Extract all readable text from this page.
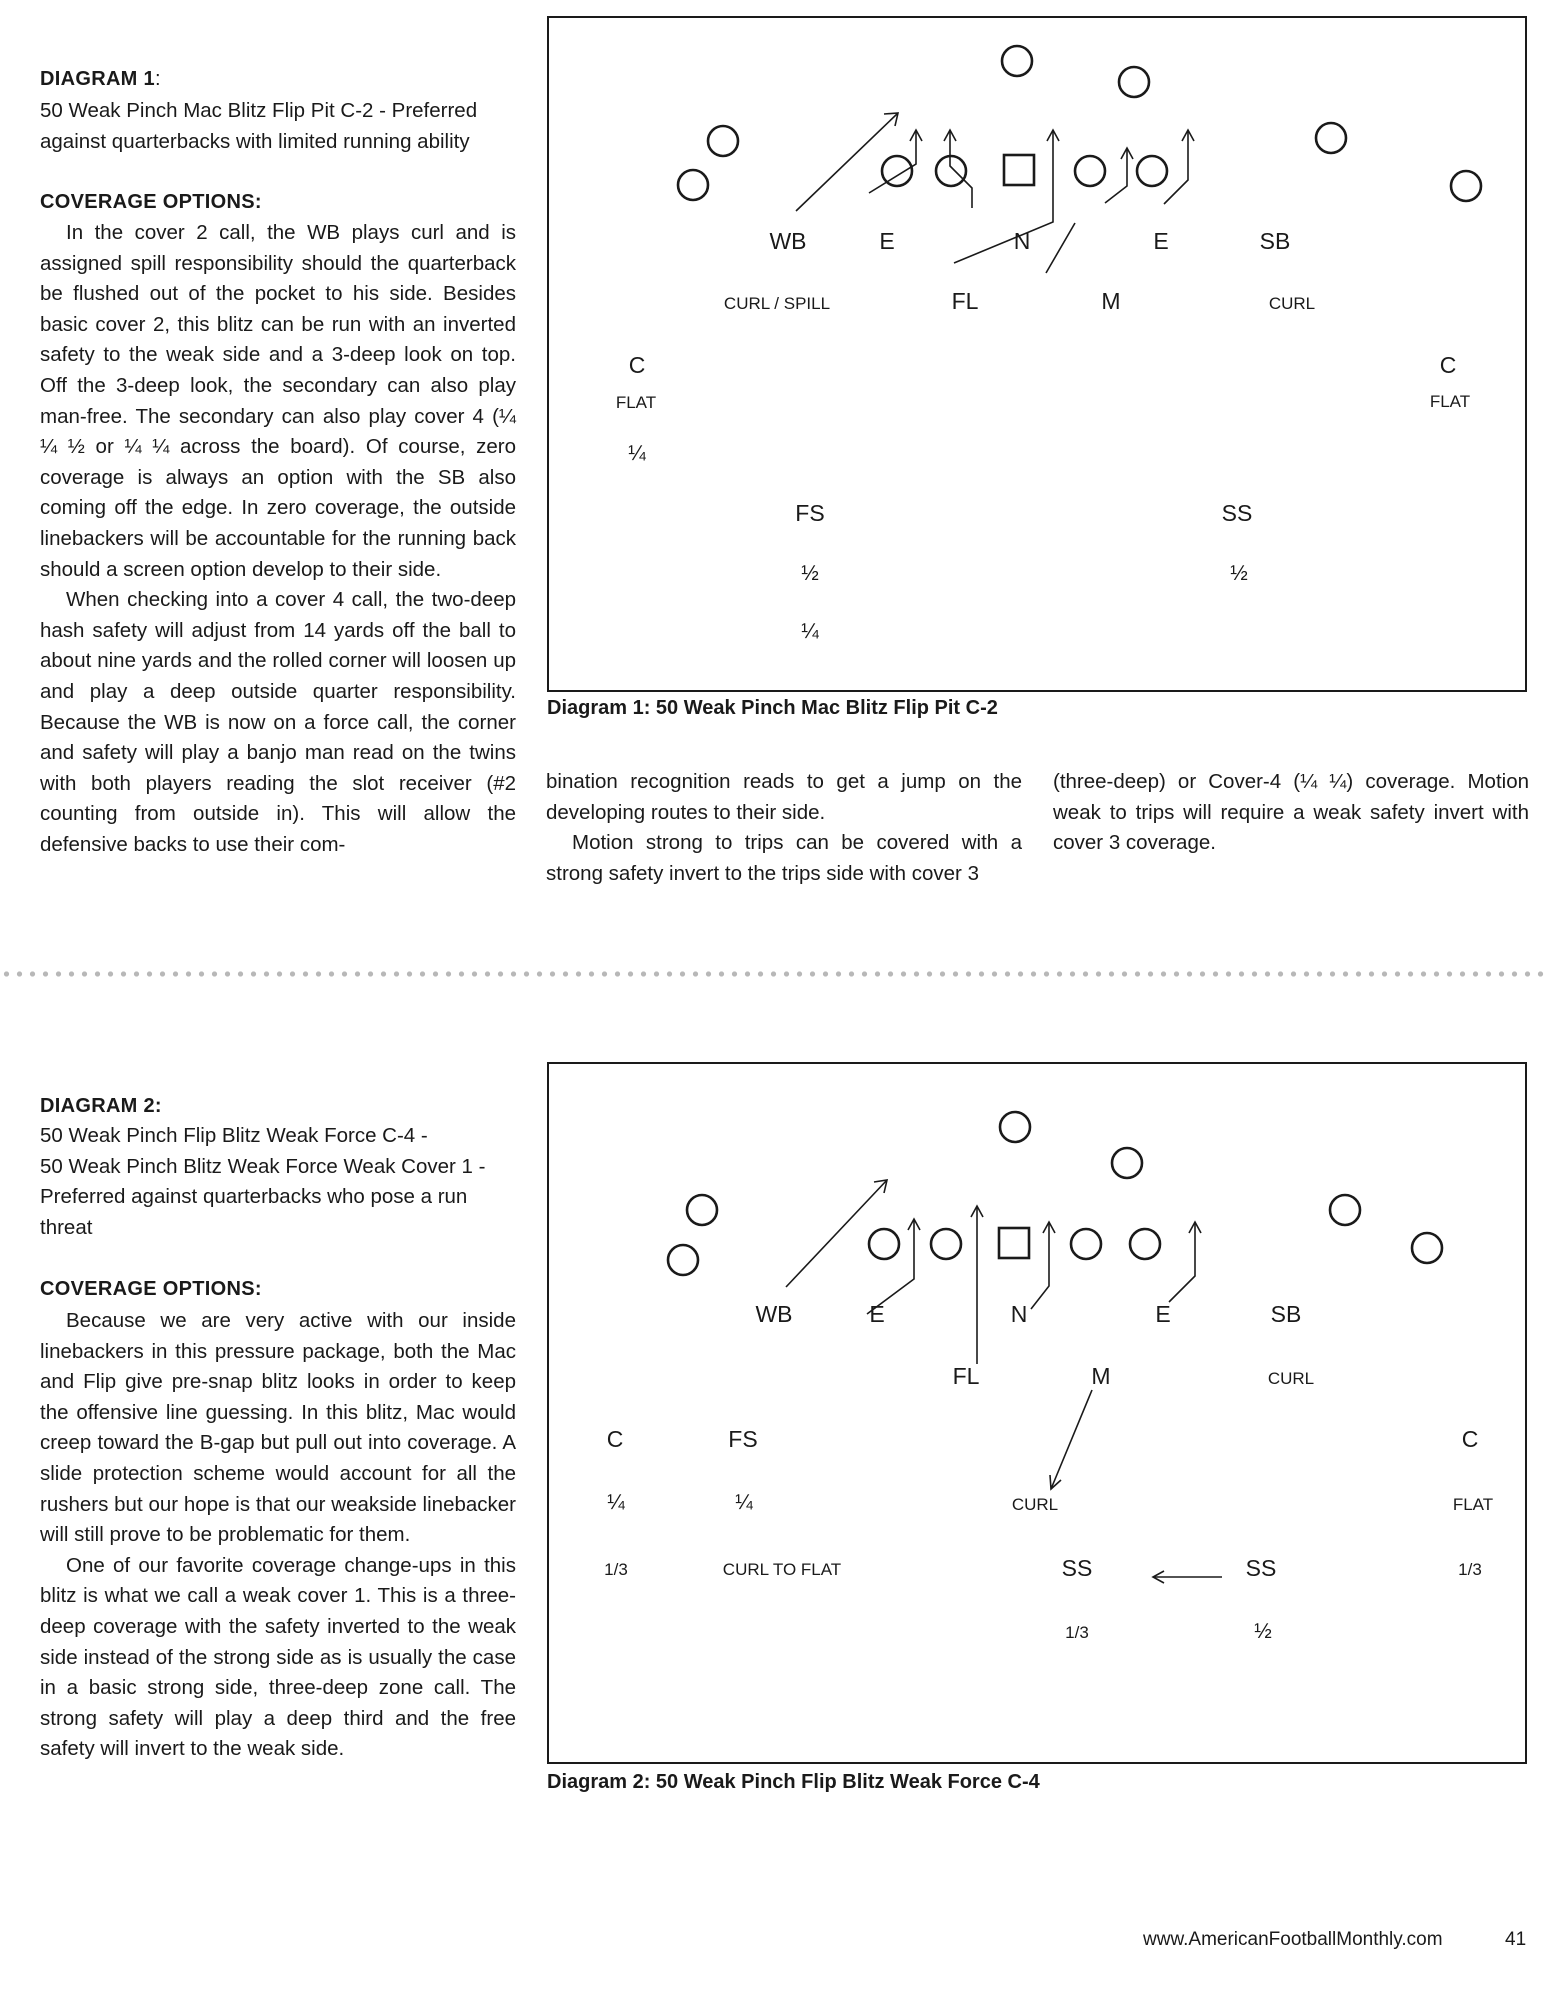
DIAGRAM 1:
50 Weak Pinch Mac Blitz Flip Pit C-2 - Preferred
against quarterbacks with limited running ability
COVERAGE OPTIONS:

In the cover 2 call, the WB plays curl and is assigned spill responsibility should the quarterback be flushed out of the pocket to his side. Besides basic cover 2, this blitz can be run with an inverted safety to the weak side and a 3-deep look on top. Off the 3-deep look, the secondary can also play man-free. The secondary can also play cover 4 (¼ ¼ ½ or ¼ ¼ across the board). Of course, zero coverage is always an option with the SB also coming off the edge. In zero coverage, the outside linebackers will be accountable for the running back should a screen option develop to their side.

When checking into a cover 4 call, the two-deep hash safety will adjust from 14 yards off the ball to about nine yards and the rolled corner will loosen up and play a deep outside quarter responsibility. Because the WB is now on a force call, the corner and safety will play a banjo man read on the twins with both players reading the slot receiver (#2 counting from outside in). This will allow the defensive backs to use their com-

bination recognition reads to get a jump on the developing routes to their side.

Motion strong to trips can be covered with a strong safety invert to the trips side with cover 3

(three-deep) or Cover-4 (¼ ¼) coverage. Motion weak to trips will require a weak safety invert with cover 3 coverage.

WB	E	N	E	SB
CURL / SPILL	FL	M	CURL
C
FLAT
¼
C
FLAT
FS
½
¼
SS
½
Diagram 1: 50 Weak Pinch Mac Blitz Flip Pit C-2
DIAGRAM 2:
50 Weak Pinch Flip Blitz Weak Force C-4 -
50 Weak Pinch Blitz Weak Force Weak Cover 1 -
Preferred against quarterbacks who pose a run
threat
COVERAGE OPTIONS:

Because we are very active with our inside linebackers in this pressure package, both the Mac and Flip give pre-snap blitz looks in order to keep the offensive line guessing. In this blitz, Mac would creep toward the B-gap but pull out into coverage. A slide protection scheme would account for all the rushers but our hope is that our weakside linebacker will still prove to be problematic for them.

One of our favorite coverage change-ups in this blitz is what we call a weak cover 1. This is a three-deep coverage with the safety inverted to the weak side instead of the strong side as is usually the case in a basic strong side, three-deep zone call. The strong safety will play a deep third and the free safety will invert to the weak side.

WB	E	N	E	SB
FL	M	CURL
C
¼
1/3
FS
¼
CURL TO FLAT
CURL
SS
1/3
SS
½
C
FLAT
1/3
Diagram 2: 50 Weak Pinch Flip Blitz Weak Force C-4
www.AmericanFootballMonthly.com	41
